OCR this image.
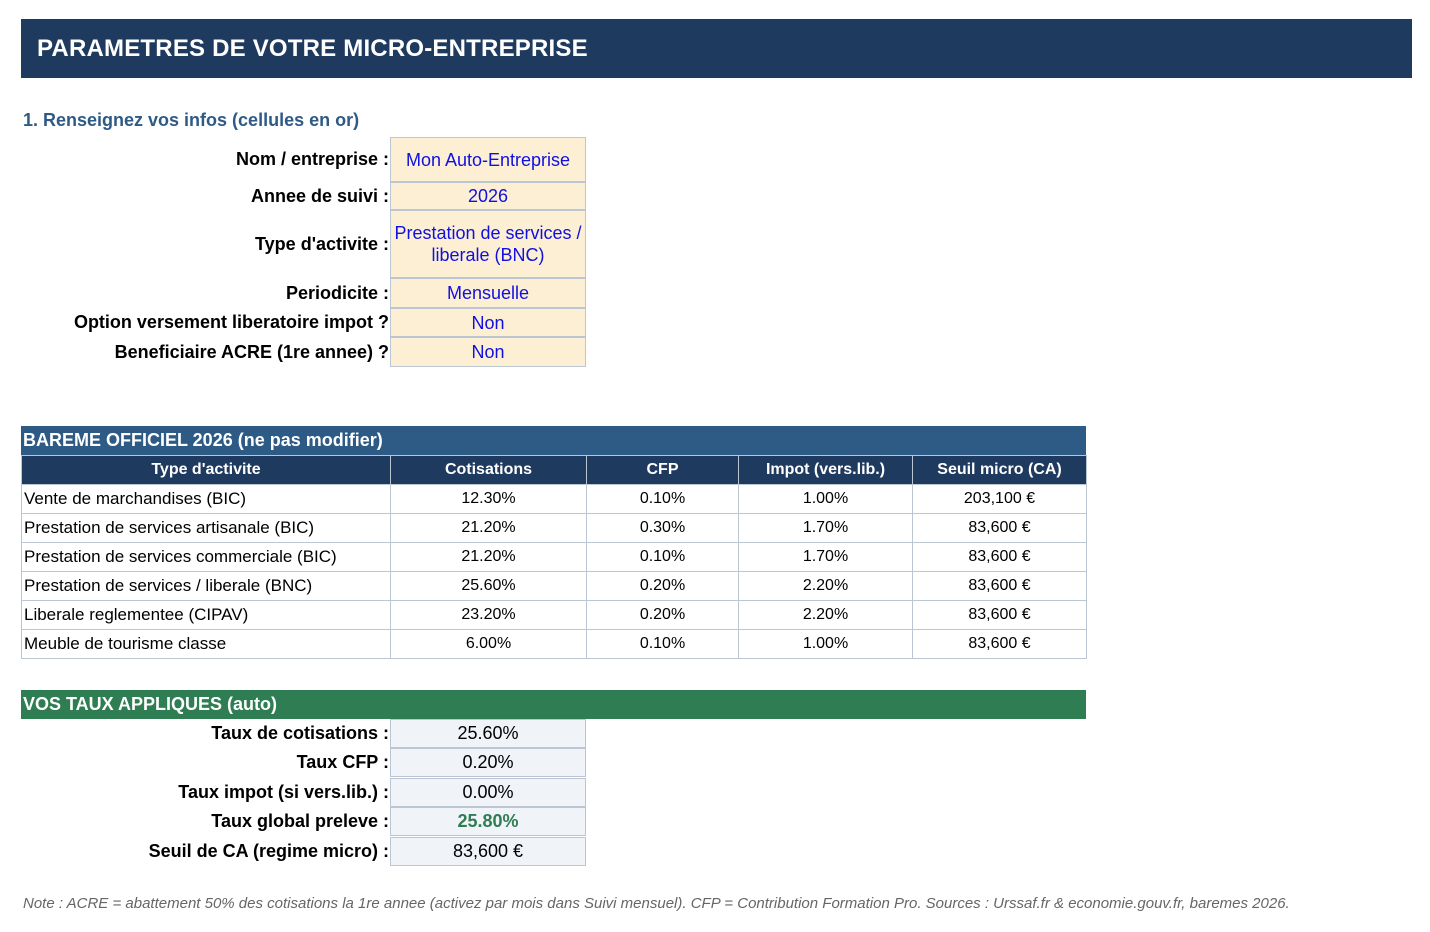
PARAMETRES DE VOTRE MICRO-ENTREPRISE
1. Renseignez vos infos (cellules en or)
Nom / entreprise : Mon Auto-Entreprise
Annee de suivi :	2026
Type d'activite :
Prestation de services / liberale (BNC)
Periodicite :	Mensuelle
Option versement liberatoire impot ?	Non
Beneficiaire ACRE (1re annee) ?	Non
BAREME OFFICIEL 2026 (ne pas modifier)
Type d'activite	Cotisations	CFP	Impot (vers.lib.)	Seuil micro (CA)
Vente de marchandises (BIC)	12.30%	0.10%	1.00%	203,100 €
Prestation de services artisanale (BIC)	21.20%	0.30%	1.70%	83,600 €
Prestation de services commerciale (BIC)	21.20%	0.10%	1.70%	83,600 €
Prestation de services / liberale (BNC)	25.60%	0.20%	2.20%	83,600 €
Liberale reglementee (CIPAV)	23.20%	0.20%	2.20%	83,600 €
Meuble de tourisme classe	6.00%	0.10%	1.00%	83,600 €
VOS TAUX APPLIQUES (auto)
Taux de cotisations :	25.60%
Taux CFP :	0.20%
Taux impot (si vers.lib.) :	0.00%
Taux global preleve :	25.80%
Seuil de CA (regime micro) :	83,600 €
Note : ACRE = abattement 50% des cotisations la 1re annee (activez par mois dans Suivi mensuel). CFP = Contribution Formation Pro. Sources : Urssaf.fr & economie.gouv.fr, baremes 2026.
